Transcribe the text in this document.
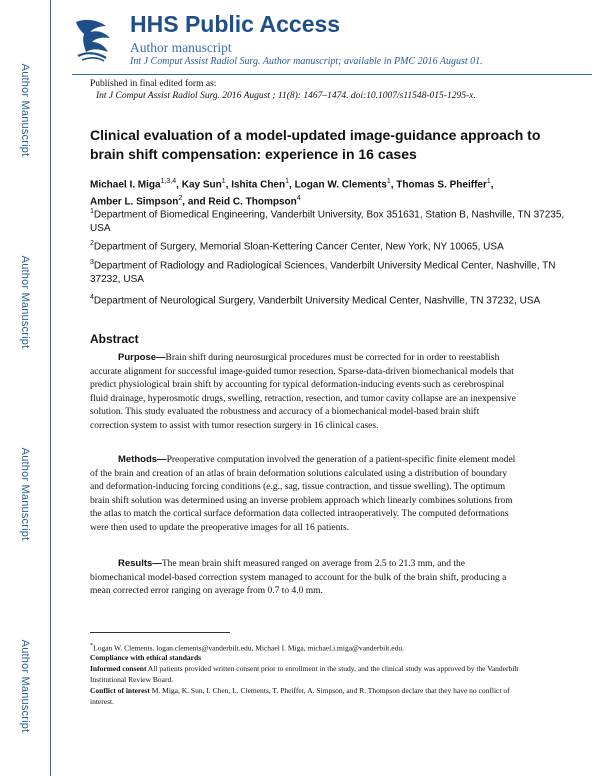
Author Manuscript
Author Manuscript
Author Manuscript
Author Manuscript
HHS Public Access
Author manuscript
Int J Comput Assist Radiol Surg. Author manuscript; available in PMC 2016 August 01.
Published in final edited form as:
Int J Comput Assist Radiol Surg. 2016 August ; 11(8): 1467–1474. doi:10.1007/s11548-015-1295-x.
Clinical evaluation of a model-updated image-guidance approach to brain shift compensation: experience in 16 cases
Michael I. Miga$^{1,3,4}$, Kay Sun$^1$, Ishita Chen$^1$, Logan W. Clements$^1$, Thomas S. Pheiffer$^1$,
Amber L. Simpson$^2$, and Reid C. Thompson$^4$
$^1$Department of Biomedical Engineering, Vanderbilt University, Box 351631, Station B, Nashville, TN 37235, USA
$^2$Department of Surgery, Memorial Sloan-Kettering Cancer Center, New York, NY 10065, USA
$^3$Department of Radiology and Radiological Sciences, Vanderbilt University Medical Center, Nashville, TN 37232, USA
$^4$Department of Neurological Surgery, Vanderbilt University Medical Center, Nashville, TN 37232, USA
Abstract
Purpose—Brain shift during neurosurgical procedures must be corrected for in order to reestablish accurate alignment for successful image-guided tumor resection. Sparse-data-driven biomechanical models that predict physiological brain shift by accounting for typical deformation-inducing events such as cerebrospinal fluid drainage, hyperosmotic drugs, swelling, retraction, resection, and tumor cavity collapse are an inexpensive solution. This study evaluated the robustness and accuracy of a biomechanical model-based brain shift correction system to assist with tumor resection surgery in 16 clinical cases.
Methods—Preoperative computation involved the generation of a patient-specific finite element model of the brain and creation of an atlas of brain deformation solutions calculated using a distribution of boundary and deformation-inducing forcing conditions (e.g., sag, tissue contraction, and tissue swelling). The optimum brain shift solution was determined using an inverse problem approach which linearly combines solutions from the atlas to match the cortical surface deformation data collected intraoperatively. The computed deformations were then used to update the preoperative images for all 16 patients.
Results—The mean brain shift measured ranged on average from 2.5 to 21.3 mm, and the biomechanical model-based correction system managed to account for the bulk of the brain shift, producing a mean corrected error ranging on average from 0.7 to 4.0 mm.
*Logan W. Clements, logan.clements@vanderbilt.edu, Michael I. Miga, michael.i.miga@vanderbilt.edu.
Compliance with ethical standards
Informed consent All patients provided written consent prior to enrollment in the study, and the clinical study was approved by the Vanderbilt Institutional Review Board.
Conflict of interest M. Miga, K. Sun, I. Chen, L. Clements, T. Pheiffer, A. Simpson, and R. Thompson declare that they have no conflict of interest.
